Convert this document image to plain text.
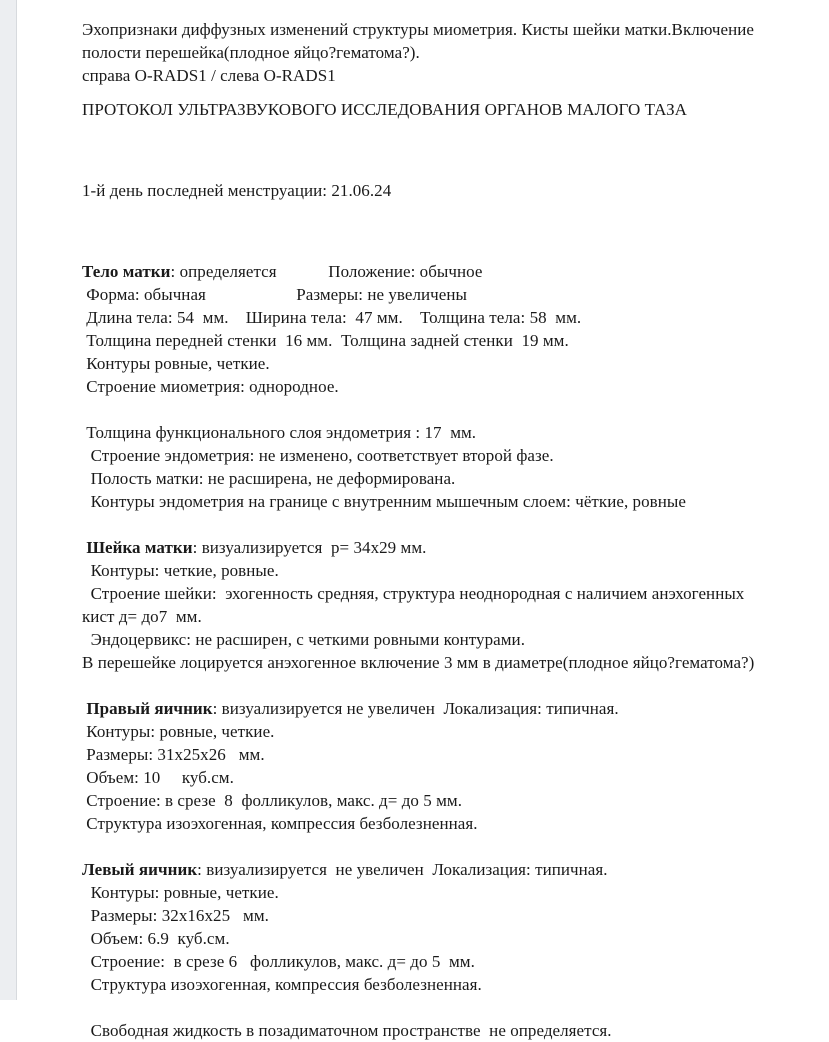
Эхопризнаки диффузных изменений структуры миометрия. Кисты шейки матки.Включение
полости перешейка(плодное яйцо?гематома?).
справа O-RADS1 / слева O-RADS1
ПРОТОКОЛ УЛЬТРАЗВУКОВОГО ИССЛЕДОВАНИЯ ОРГАНОВ МАЛОГО ТАЗА
1-й день последней менструации: 21.06.24
Тело матки: определяется            Положение: обычное
Форма: обычная                     Размеры: не увеличены
Длина тела: 54  мм.    Ширина тела:  47 мм.    Толщина тела: 58  мм.
Толщина передней стенки  16 мм.  Толщина задней стенки  19 мм.
Контуры ровные, четкие.
Строение миометрия: однородное.
Толщина функционального слоя эндометрия : 17  мм.
Строение эндометрия: не изменено, соответствует второй фазе.
Полость матки: не расширена, не деформирована.
Контуры эндометрия на границе с внутренним мышечным слоем: чёткие, ровные
Шейка матки: визуализируется  р= 34x29 мм.
Контуры: четкие, ровные.
Строение шейки:  эхогенность средняя, структура неоднородная с наличием анэхогенных
кист д= до7  мм.
Эндоцервикс: не расширен, с четкими ровными контурами.
В перешейке лоцируется анэхогенное включение 3 мм в диаметре(плодное яйцо?гематома?)
Правый яичник: визуализируется не увеличен  Локализация: типичная.
Контуры: ровные, четкие.
Размеры: 31x25x26   мм.
Объем: 10     куб.см.
Строение: в срезе  8  фолликулов, макс. д= до 5 мм.
Структура изоэхогенная, компрессия безболезненная.
Левый яичник: визуализируется  не увеличен  Локализация: типичная.
Контуры: ровные, четкие.
Размеры: 32x16x25   мм.
Объем: 6.9  куб.см.
Строение:  в срезе 6   фолликулов, макс. д= до 5  мм.
Структура изоэхогенная, компрессия безболезненная.
Свободная жидкость в позадиматочном пространстве  не определяется.
